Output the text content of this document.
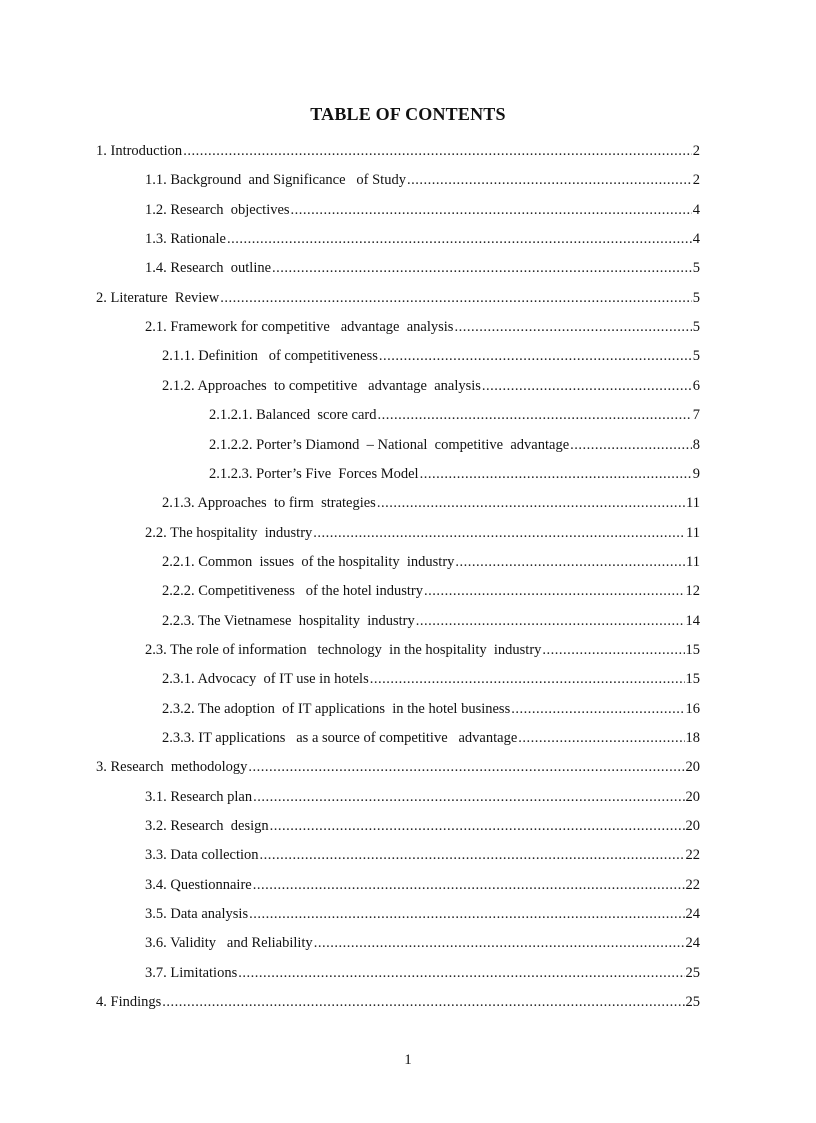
TABLE OF CONTENTS
1. Introduction .....	2
1.1. Background  and Significance   of Study .....	2
1.2. Research  objectives .....	4
1.3. Rationale .....	4
1.4. Research  outline .....	5
2. Literature  Review .....	5
2.1. Framework for competitive   advantage  analysis .....	5
2.1.1. Definition   of competitiveness .....	5
2.1.2. Approaches  to competitive   advantage  analysis .....	6
2.1.2.1. Balanced  score card .....	7
2.1.2.2. Porter’s Diamond  – National  competitive  advantage .....	8
2.1.2.3. Porter’s Five  Forces Model .....	9
2.1.3. Approaches  to firm  strategies .....	11
2.2. The hospitality  industry .....	11
2.2.1. Common  issues  of the hospitality  industry .....	11
2.2.2. Competitiveness   of the hotel industry .....	12
2.2.3. The Vietnamese  hospitality  industry .....	14
2.3. The role of information   technology  in the hospitality  industry .....	15
2.3.1. Advocacy  of IT use in hotels .....	15
2.3.2. The adoption  of IT applications  in the hotel business .....	16
2.3.3. IT applications   as a source of competitive   advantage .....	18
3. Research  methodology .....	20
3.1. Research plan .....	20
3.2. Research  design .....	20
3.3. Data collection .....	22
3.4. Questionnaire .....	22
3.5. Data analysis .....	24
3.6. Validity   and Reliability .....	24
3.7. Limitations .....	25
4. Findings .....	25
1
